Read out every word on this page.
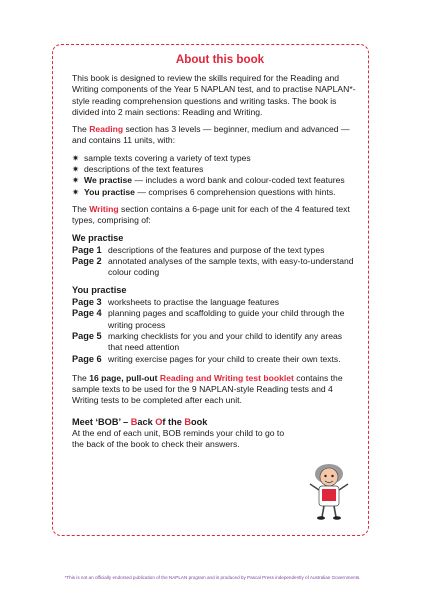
About this book

This book is designed to review the skills required for the Reading and Writing components of the Year 5 NAPLAN test, and to practise NAPLAN*-style reading comprehension questions and writing tasks. The book is divided into 2 main sections: Reading and Writing.

The Reading section has 3 levels — beginner, medium and advanced — and contains 11 units, with:

✷ sample texts covering a variety of text types
✷ descriptions of the text features
✷ We practise — includes a word bank and colour-coded text features
✷ You practise — comprises 6 comprehension questions with hints.

The Writing section contains a 6-page unit for each of the 4 featured text types, comprising of:

We practise
Page 1 descriptions of the features and purpose of the text types
Page 2 annotated analyses of the sample texts, with easy-to-understand colour coding
You practise
Page 3 worksheets to practise the language features
Page 4 planning pages and scaffolding to guide your child through the writing process
Page 5 marking checklists for you and your child to identify any areas that need attention
Page 6 writing exercise pages for your child to create their own texts.

The 16 page, pull-out Reading and Writing test booklet contains the sample texts to be used for the 9 NAPLAN-style Reading tests and 4 Writing tests to be completed after each unit.

Meet ‘BOB’ – Back Of the Book
At the end of each unit, BOB reminds your child to go to the back of the book to check their answers.
*This is not an officially endorsed publication of the NAPLAN program and is produced by Pascal Press independently of Australian Governments.
